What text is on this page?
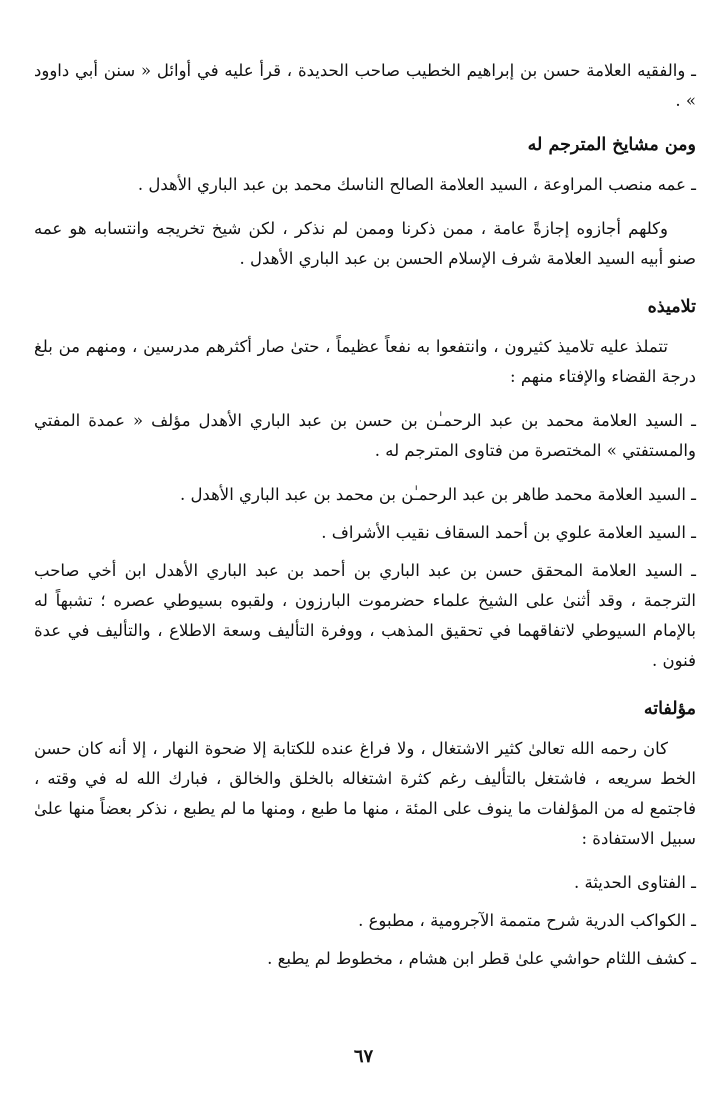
ـ والفقيه العلامة حسن بن إبراهيم الخطيب صاحب الحديدة ، قرأ عليه في أوائل « سنن أبي داوود » .

ومن مشايخ المترجم له

ـ عمه منصب المراوعة ، السيد العلامة الصالح الناسك محمد بن عبد الباري الأهدل .

وكلهم أجازوه إجازةً عامة ، ممن ذكرنا وممن لم نذكر ، لكن شيخ تخريجه وانتسابه هو عمه صنو أبيه السيد العلامة شرف الإسلام الحسن بن عبد الباري الأهدل .

تلاميذه

تتملذ عليه تلاميذ كثيرون ، وانتفعوا به نفعاً عظيماً ، حتىٰ صار أكثرهم مدرسين ، ومنهم من بلغ درجة القضاء والإفتاء منهم :

ـ السيد العلامة محمد بن عبد الرحمـٰن بن حسن بن عبد الباري الأهدل مؤلف « عمدة المفتي والمستفتي » المختصرة من فتاوى المترجم له .

ـ السيد العلامة محمد طاهر بن عبد الرحمـٰن بن محمد بن عبد الباري الأهدل .

ـ السيد العلامة علوي بن أحمد السقاف نقيب الأشراف .

ـ السيد العلامة المحقق حسن بن عبد الباري بن أحمد بن عبد الباري الأهدل ابن أخي صاحب الترجمة ، وقد أثنىٰ على الشيخ علماء حضرموت البارزون ، ولقبوه بسيوطي عصره ؛ تشبهاً له بالإمام السيوطي لاتفاقهما في تحقيق المذهب ، ووفرة التأليف وسعة الاطلاع ، والتأليف في عدة فنون .

مؤلفاته

كان رحمه الله تعالىٰ كثير الاشتغال ، ولا فراغ عنده للكتابة إلا ضحوة النهار ، إلا أنه كان حسن الخط سريعه ، فاشتغل بالتأليف رغم كثرة اشتغاله بالخلق والخالق ، فبارك الله له في وقته ، فاجتمع له من المؤلفات ما ينوف على المئة ، منها ما طبع ، ومنها ما لم يطبع ، نذكر بعضاً منها علىٰ سبيل الاستفادة :

ـ الفتاوى الحديثة .

ـ الكواكب الدرية شرح متممة الآجرومية ، مطبوع .

ـ كشف اللثام حواشي علىٰ قطر ابن هشام ، مخطوط لم يطبع .

٦٧
